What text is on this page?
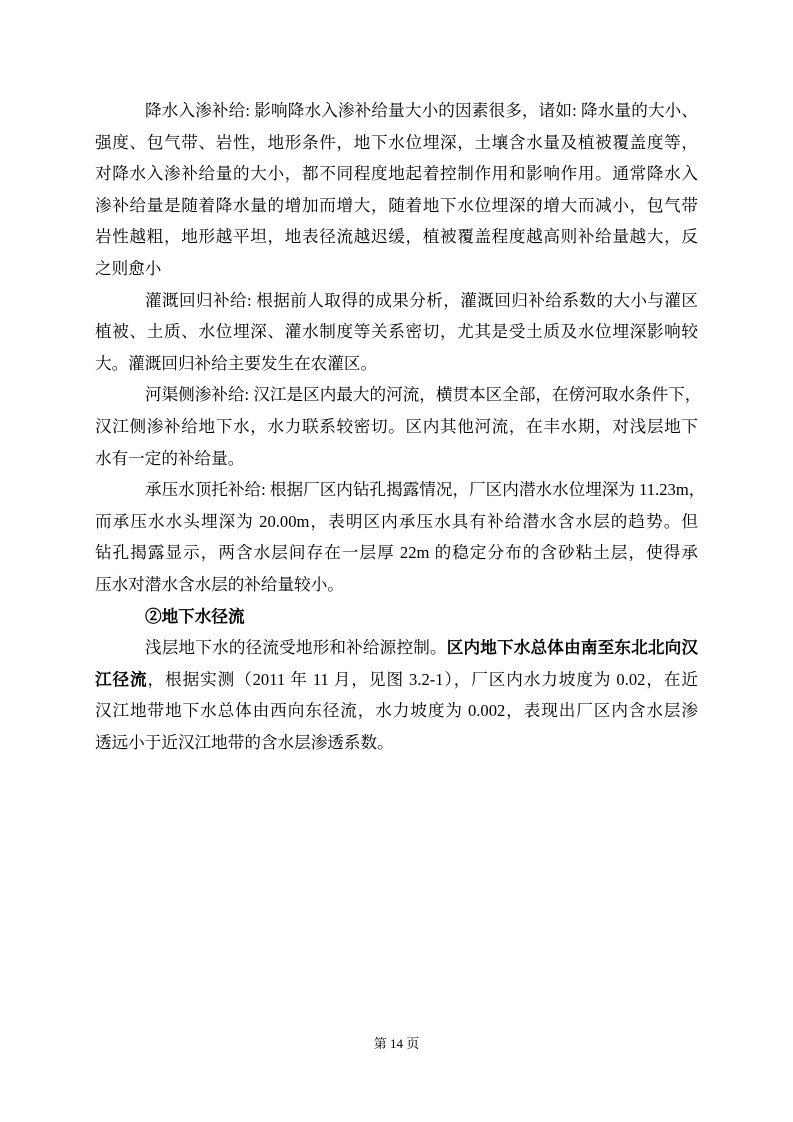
降水入渗补给: 影响降水入渗补给量大小的因素很多，诸如: 降水量的大小、
强度、包气带、岩性，地形条件，地下水位埋深，土壤含水量及植被覆盖度等，
对降水入渗补给量的大小，都不同程度地起着控制作用和影响作用。通常降水入
渗补给量是随着降水量的增加而增大，随着地下水位埋深的增大而减小，包气带
岩性越粗，地形越平坦，地表径流越迟缓，植被覆盖程度越高则补给量越大，反
之则愈小
灌溉回归补给: 根据前人取得的成果分析，灌溉回归补给系数的大小与灌区
植被、土质、水位埋深、灌水制度等关系密切，尤其是受土质及水位埋深影响较
大。灌溉回归补给主要发生在农灌区。
河渠侧渗补给: 汉江是区内最大的河流，横贯本区全部，在傍河取水条件下，
汉江侧渗补给地下水，水力联系较密切。区内其他河流，在丰水期，对浅层地下
水有一定的补给量。
承压水顶托补给: 根据厂区内钻孔揭露情况，厂区内潜水水位埋深为 11.23m，
而承压水水头埋深为 20.00m，表明区内承压水具有补给潜水含水层的趋势。但
钻孔揭露显示，两含水层间存在一层厚 22m 的稳定分布的含砂粘土层，使得承
压水对潜水含水层的补给量较小。
②地下水径流
浅层地下水的径流受地形和补给源控制。区内地下水总体由南至东北北向汉
江径流，根据实测（2011 年 11 月，见图 3.2-1），厂区内水力坡度为 0.02，在近
汉江地带地下水总体由西向东径流，水力坡度为 0.002，表现出厂区内含水层渗
透远小于近汉江地带的含水层渗透系数。
第 14 页
